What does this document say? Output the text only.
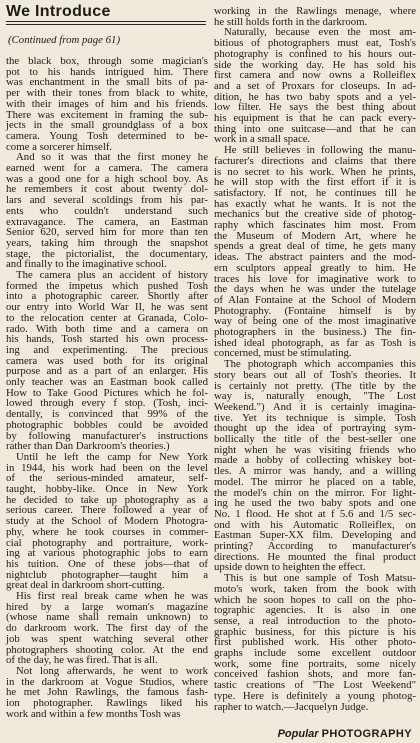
We Introduce
(Continued from page 61)
the black box, through some magician's
pot to his hands intrigued him. There
was enchantment in the small bits of pa-
per with their tones from black to white,
with their images of him and his friends.
There was excitement in framing the sub-
jects in the small groundglass of a box
camera. Young Tosh determined to be-
come a sorcerer himself.
And so it was that the first money he
earned went for a camera. The camera
was a good one for a high school boy. As
he remembers it cost about twenty dol-
lars and several scoldings from his par-
ents who couldn't understand such
extravagance. The camera, an Eastman
Senior 620, served him for more than ten
years, taking him through the snapshot
stage, the pictorialist, the documentary,
and finally to the imaginative school.
The camera plus an accident of history
formed the impetus which pushed Tosh
into a photographic career. Shortly after
our entry into World War II, he was sent
to the relocation center at Granada, Colo-
rado. With both time and a camera on
his hands, Tosh started his own process-
ing and experimenting. The precious
camera was used both for its original
purpose and as a part of an enlarger. His
only teacher was an Eastman book called
How to Take Good Pictures which he fol-
lowed through every f stop. (Tosh, inci-
dentally, is convinced that 99% of the
photographic bobbles could be avoided
by following manufacturer's instructions
rather than Dan Darkroom's theories.)
Until he left the camp for New York
in 1944, his work had been on the level
of the serious-minded amateur, self-
taught, hobby-like. Once in New York
he decided to take up photography as a
serious career. There followed a year of
study at the School of Modern Photogra-
phy, where he took courses in commer-
cial photography and portraiture, work-
ing at various photographic jobs to earn
his tuition. One of these jobs—that of
nightclub photographer—taught him a
great deal in darkroom short-cutting.
His first real break came when he was
hired by a large woman's magazine
(whose name shall remain unknown) to
do darkroom work. The first day of the
job was spent watching several other
photographers shooting color. At the end
of the day, he was fired. That is all.
Not long afterwards, he went to work
in the darkroom at Vogue Studios, where
he met John Rawlings, the famous fash-
ion photographer. Rawlings liked his
work and within a few months Tosh was
working in the Rawlings menage, where
he still holds forth in the darkroom.
Naturally, because even the most am-
bitious of photographers must eat, Tosh's
photography is confined to his hours out-
side the working day. He has sold his
first camera and now owns a Rolleiflex
and a set of Proxars for closeups. In ad-
dition, he has two baby spots and a yel-
low filter. He says the best thing about
his equipment is that he can pack every-
thing into one suitcase—and that he can
work in a small space.
He still believes in following the manu-
facturer's directions and claims that there
is no secret to his work. When he prints,
he will stop with the first effort if it is
satisfactory. If not, he continues till he
has exactly what he wants. It is not the
mechanics but the creative side of photog-
raphy which fascinates him most. From
the Museum of Modern Art, where he
spends a great deal of time, he gets many
ideas. The abstract painters and the mod-
ern sculptors appeal greatly to him. He
traces his love for imaginative work to
the days when he was under the tutelage
of Alan Fontaine at the School of Modern
Photography. (Fontaine himself is by
way of being one of the most imaginative
photographers in the business.) The fin-
ished ideal photograph, as far as Tosh is
concerned, must be stimulating.
The photograph which accompanies this
story bears out all of Tosh's theories. It
is certainly not pretty. (The title by the
way is, naturally enough, "The Lost
Weekend.") And it is certainly imagina-
tive. Yet its technique is simple. Tosh
thought up the idea of portraying sym-
bollically the title of the best-seller one
night when he was visiting friends who
made a hobby of collecting whiskey bot-
tles. A mirror was handy, and a willing
model. The mirror he placed on a table,
the model's chin on the mirror. For light-
ing he used the two baby spots and one
No. 1 flood. He shot at f 5.6 and 1/5 sec-
ond with his Automatic Rolleiflex, on
Eastman Super-XX film. Developing and
printing? According to manufacturer's
directions. He mounted the final product
upside down to heighten the effect.
This is but one sample of Tosh Matsu-
moto's work, taken from the book with
which he soon hopes to call on the pho-
tographic agencies. It is also in one
sense, a real introduction to the photo-
graphic business, for this picture is his
first published work. His other photo-
graphs include some excellent outdoor
work, some fine portraits, some nicely
conceived fashion shots, and more fan-
tastic creations of "The Lost Weekend"
type. Here is definitely a young photog-
rapher to watch.—Jacquelyn Judge.
Popular PHOTOGRAPHY
